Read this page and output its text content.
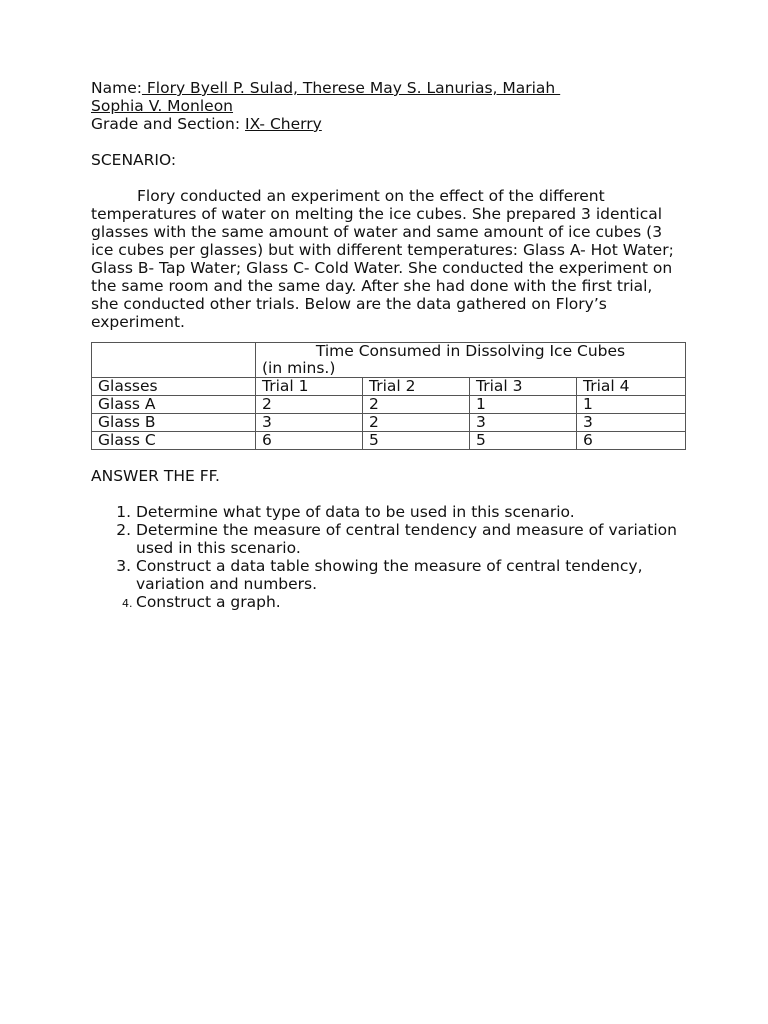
Name: Flory Byell P. Sulad, Therese May S. Lanurias, Mariah
Sophia V. Monleon
Grade and Section: IX- Cherry
SCENARIO:
Flory conducted an experiment on the effect of the different temperatures of water on melting the ice cubes. She prepared 3 identical glasses with the same amount of water and same amount of ice cubes (3 ice cubes per glasses) but with different temperatures: Glass A- Hot Water; Glass B- Tap Water; Glass C- Cold Water. She conducted the experiment on the same room and the same day. After she had done with the first trial, she conducted other trials. Below are the data gathered on Flory’s experiment.

	Time Consumed in Dissolving Ice Cubes
(in mins.)			
Glasses	Trial 1	Trial 2	Trial 3	Trial 4
Glass A	2	2	1	1
Glass B	3	2	3	3
Glass C	6	5	5	6
ANSWER THE FF.
1. Determine what type of data to be used in this scenario.
2. Determine the measure of central tendency and measure of variation used in this scenario.
3. Construct a data table showing the measure of central tendency, variation and numbers.
4. Construct a graph.
